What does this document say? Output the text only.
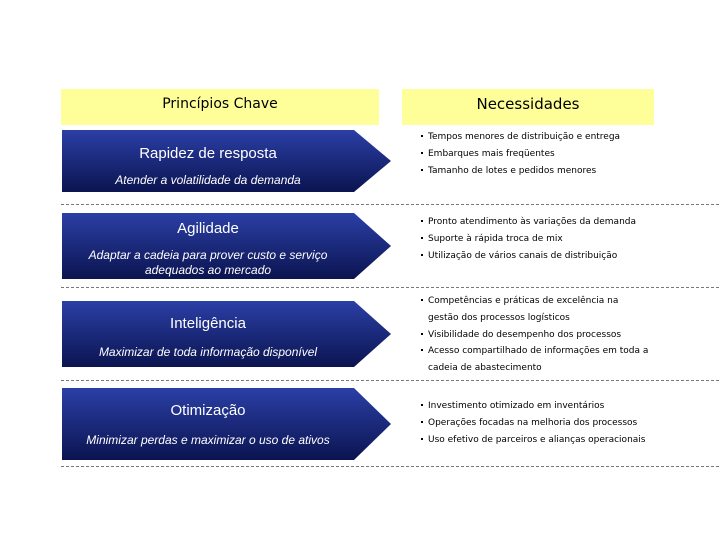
Princípios Chave	Necessidades
Rapidez de resposta
Atender a volatilidade da demanda
Tempos menores de distribuição e entrega
Embarques mais freqüentes
Tamanho de lotes e pedidos menores
Agilidade
Adaptar a cadeia para prover custo e serviço adequados ao mercado
Pronto atendimento às variações da demanda
Suporte à rápida troca de mix
Utilização de vários canais de distribuição
Inteligência
Maximizar de toda informação disponível
Competências e práticas de excelência na
gestão dos processos logísticos
Visibilidade do desempenho dos processos
Acesso compartilhado de informações em toda a
cadeia de abastecimento
Otimização
Minimizar perdas e maximizar o uso de ativos
Investimento otimizado em inventários
Operações focadas na melhoria dos processos
Uso efetivo de parceiros e alianças operacionais
